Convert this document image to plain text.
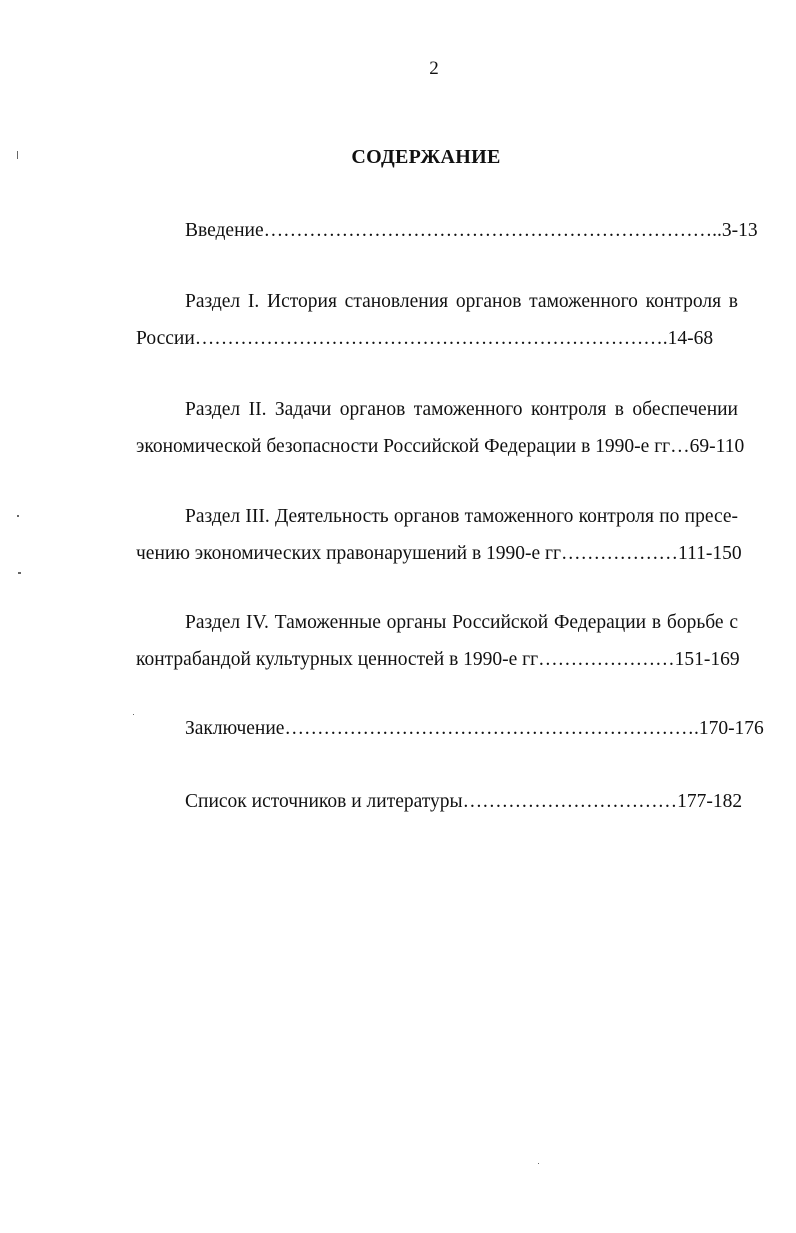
2
СОДЕРЖАНИЕ
Введение……………………………………………………………..3-13
Раздел I. История становления органов таможенного контроля в
России……………………………………………………………….14-68
Раздел II. Задачи органов таможенного контроля в обеспечении
экономической безопасности Российской Федерации в 1990-е гг…69-110
Раздел III. Деятельность органов таможенного контроля по пресе-
чению экономических правонарушений в 1990-е гг………………111-150
Раздел IV. Таможенные органы Российской Федерации в борьбе с
контрабандой культурных ценностей в 1990-е гг…………………151-169
Заключение……………………………………………………….170-176
Список источников и литературы……………………………177-182
